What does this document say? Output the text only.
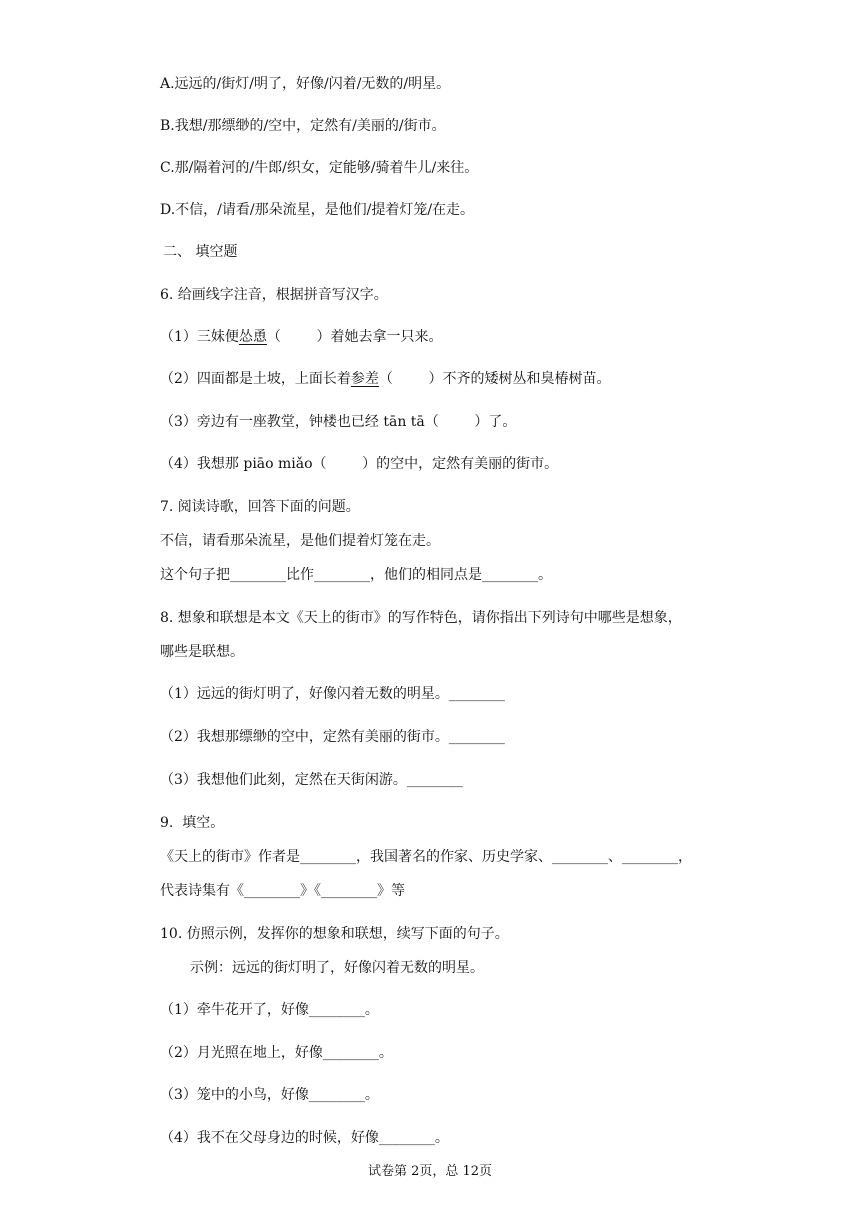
A.远远的/街灯/明了，好像/闪着/无数的/明星。
B.我想/那缥缈的/空中，定然有/美丽的/街市。
C.那/隔着河的/牛郎/织女，定能够/骑着牛儿/来往。
D.不信，/请看/那朵流星，是他们/提着灯笼/在走。
二、 填空题
6. 给画线字注音，根据拼音写汉字。
（1）三妹便怂恿（        ）着她去拿一只来。
（2）四面都是土坡，上面长着参差（        ）不齐的矮树丛和臭椿树苗。
（3）旁边有一座教堂，钟楼也已经 tān tā（        ）了。
（4）我想那 piāo miǎo（        ）的空中，定然有美丽的街市。
7. 阅读诗歌，回答下面的问题。
不信，请看那朵流星，是他们提着灯笼在走。
这个句子把________比作________，他们的相同点是________。
8. 想象和联想是本文《天上的街市》的写作特色，请你指出下列诗句中哪些是想象，
哪些是联想。
（1）远远的街灯明了，好像闪着无数的明星。________
（2）我想那缥缈的空中，定然有美丽的街市。________
（3）我想他们此刻，定然在天街闲游。________
9.  填空。
《天上的街市》作者是________，我国著名的作家、历史学家、________、________，
代表诗集有《________》《________》等
10. 仿照示例，发挥你的想象和联想，续写下面的句子。
示例：远远的街灯明了，好像闪着无数的明星。
（1）牵牛花开了，好像________。
（2）月光照在地上，好像________。
（3）笼中的小鸟，好像________。
（4）我不在父母身边的时候，好像________。
试卷第 2页，总 12页
